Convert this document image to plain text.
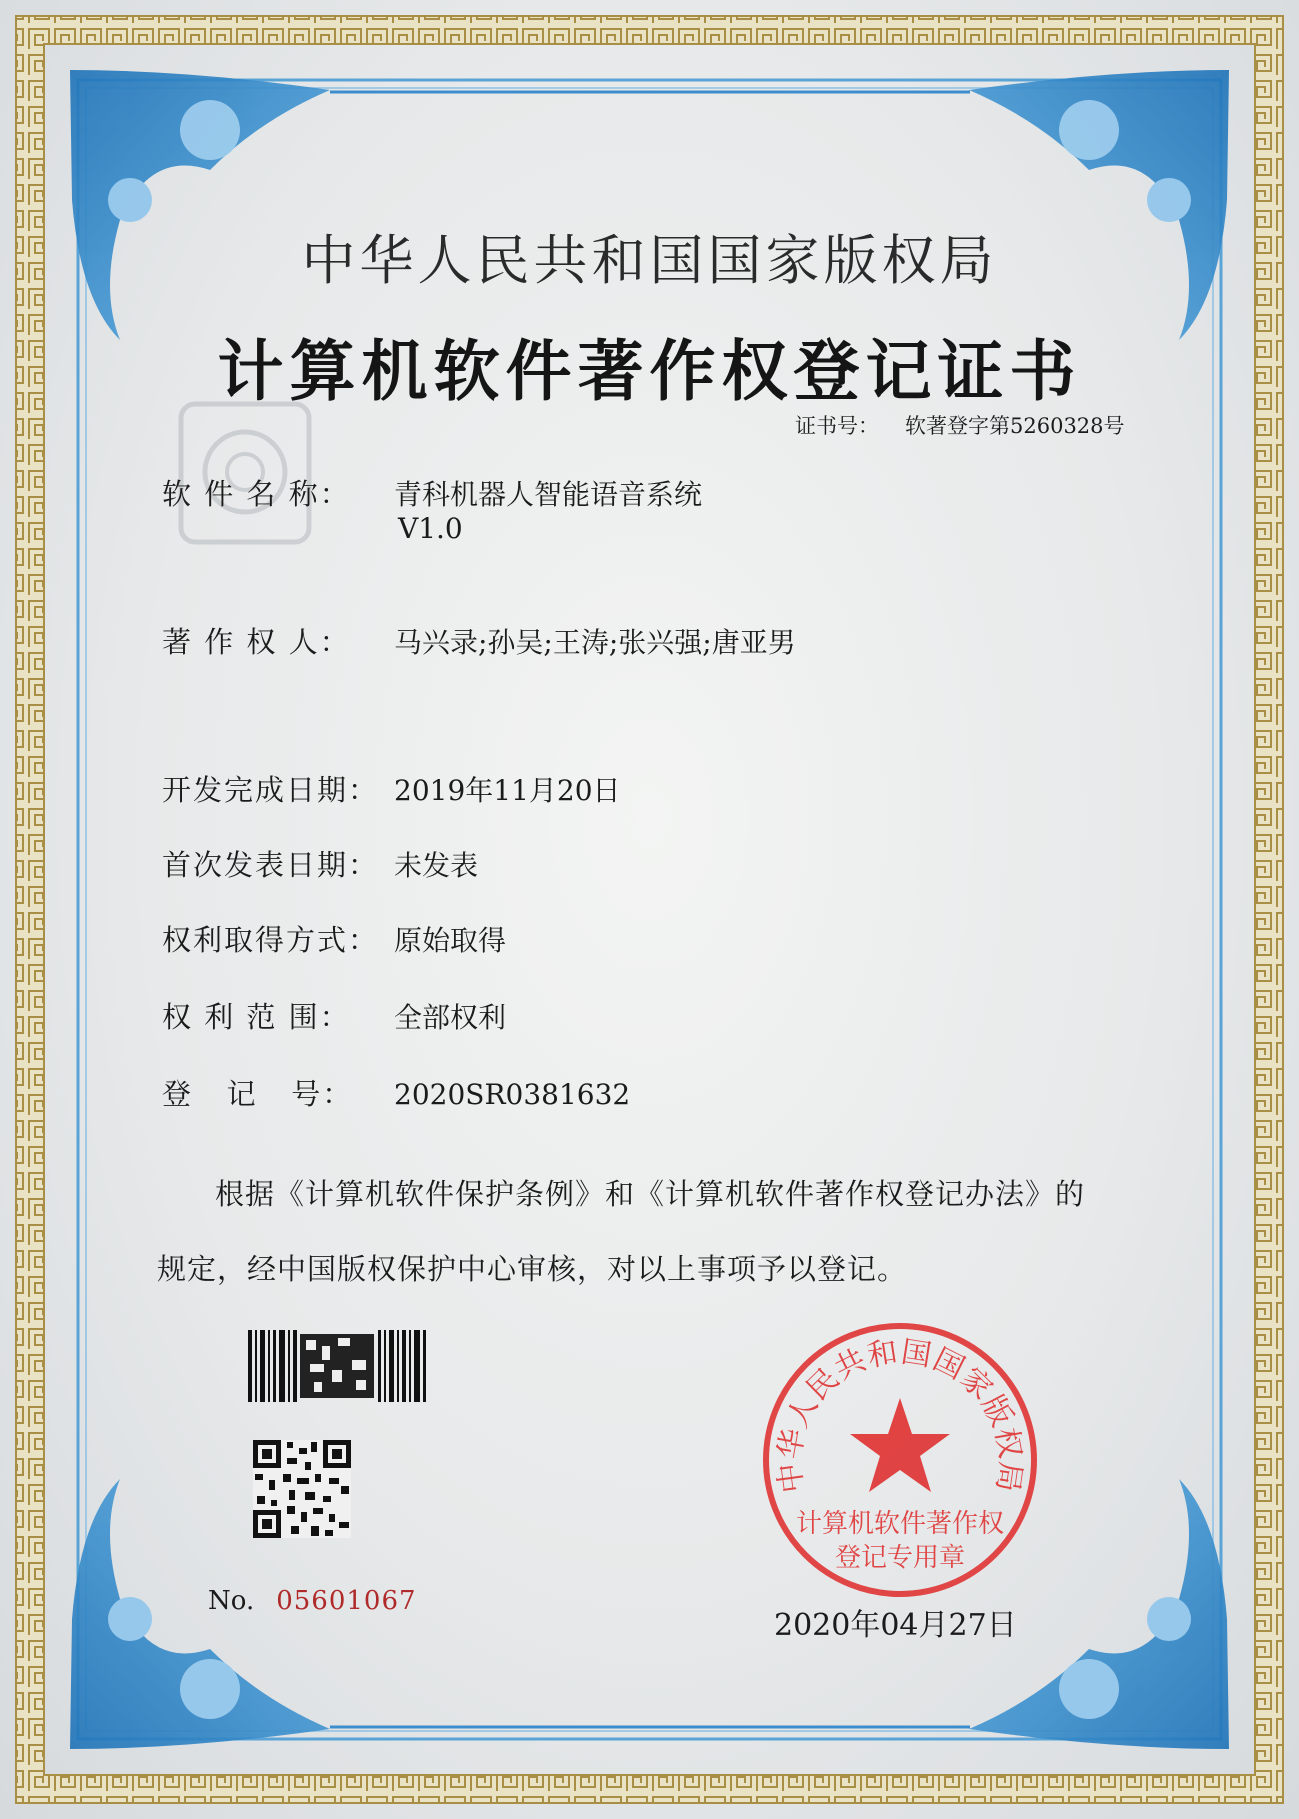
中华人民共和国国家版权局
计算机软件著作权登记证书
证书号： 软著登字第5260328号
软 件 名 称： 青科机器人智能语音系统
V1.0
著 作 权 人： 马兴录;孙吴;王涛;张兴强;唐亚男
开发完成日期： 2019年11月20日
首次发表日期： 未发表
权利取得方式： 原始取得
权 利 范 围： 全部权利
登   记   号： 2020SR0381632
根据《计算机软件保护条例》和《计算机软件著作权登记办法》的
规定，经中国版权保护中心审核，对以上事项予以登记。
No. 05601067
中华人民共和国国家版权局
计算机软件著作权
登记专用章
2020年04月27日
